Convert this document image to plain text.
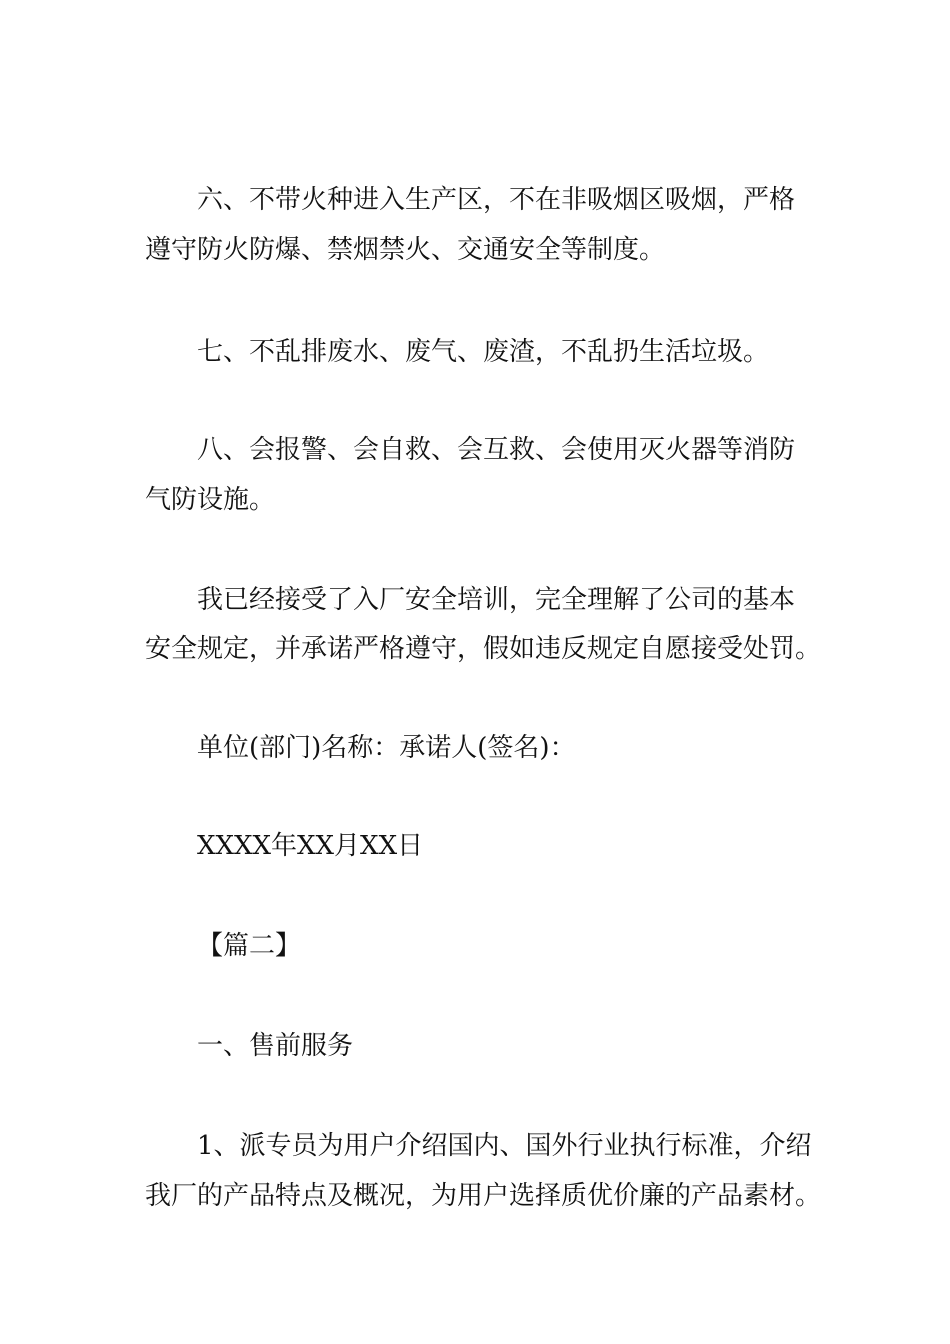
六、不带火种进入生产区，不在非吸烟区吸烟，严格
遵守防火防爆、禁烟禁火、交通安全等制度。
七、不乱排废水、废气、废渣，不乱扔生活垃圾。
八、会报警、会自救、会互救、会使用灭火器等消防
气防设施。
我已经接受了入厂安全培训，完全理解了公司的基本
安全规定，并承诺严格遵守，假如违反规定自愿接受处罚。
单位(部门)名称：承诺人(签名)：
XXXX年XX月XX日
【篇二】
一、售前服务
1、派专员为用户介绍国内、国外行业执行标准，介绍
我厂的产品特点及概况，为用户选择质优价廉的产品素材。
